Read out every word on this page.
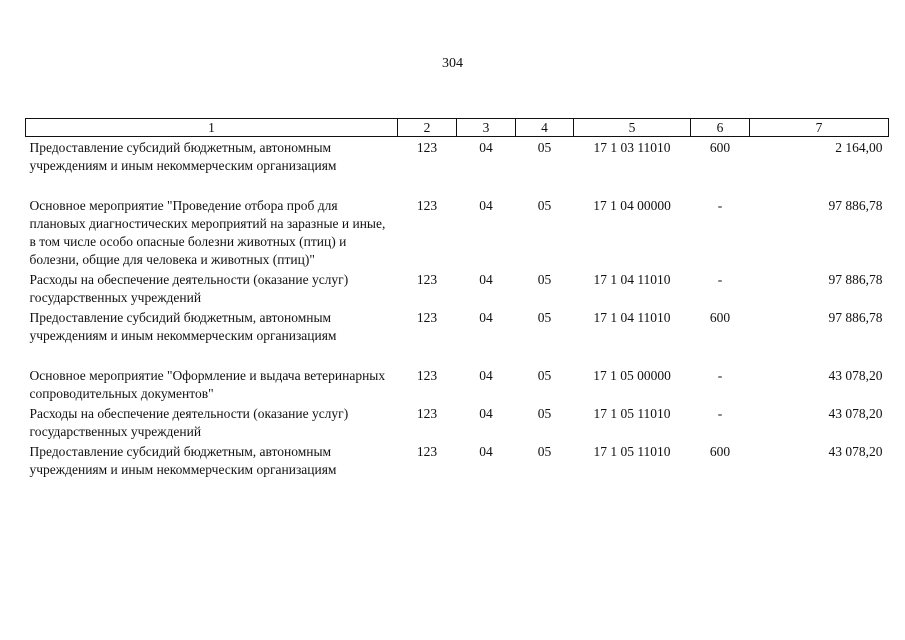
304
1	2	3	4	5	6	7
Предоставление субсидий бюджетным, автономным учреждениям и иным некоммерческим организациям	123	04	05	17 1 03 11010	600	2 164,00
Основное мероприятие "Проведение отбора проб для плановых диагностических мероприятий на заразные и иные, в том числе особо опасные болезни животных (птиц) и болезни, общие для человека и животных (птиц)"	123	04	05	17 1 04 00000	-	97 886,78
Расходы на обеспечение деятельности (оказание услуг) государственных учреждений	123	04	05	17 1 04 11010	-	97 886,78
Предоставление субсидий бюджетным, автономным учреждениям и иным некоммерческим организациям	123	04	05	17 1 04 11010	600	97 886,78
Основное мероприятие "Оформление и выдача ветеринарных сопроводительных документов"	123	04	05	17 1 05 00000	-	43 078,20
Расходы на обеспечение деятельности (оказание услуг) государственных учреждений	123	04	05	17 1 05 11010	-	43 078,20
Предоставление субсидий бюджетным, автономным учреждениям и иным некоммерческим организациям	123	04	05	17 1 05 11010	600	43 078,20
